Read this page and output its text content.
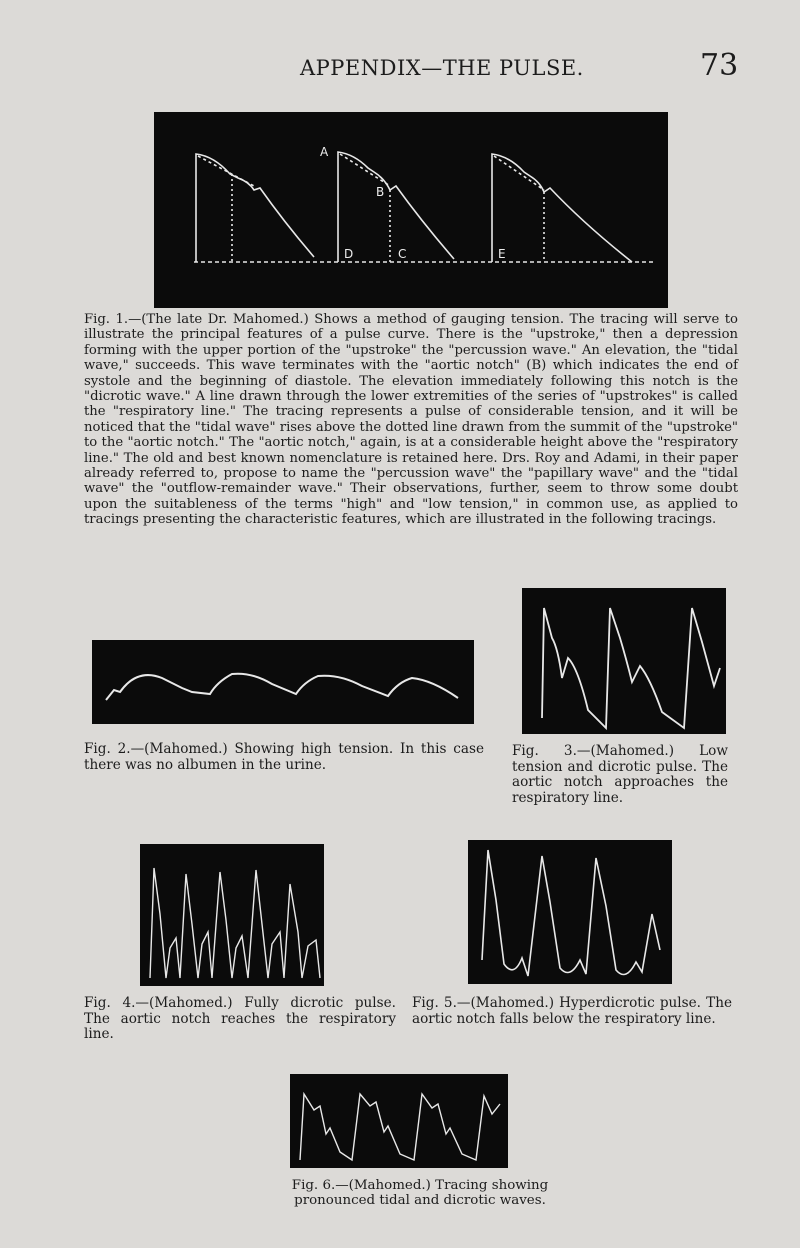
APPENDIX—THE PULSE.	73
A
B
D	C	E
Fig. 1.—(The late Dr. Mahomed.) Shows a method of gauging tension. The tracing will serve to illustrate the principal features of a pulse curve. There is the "upstroke," then a depression forming with the upper portion of the "upstroke" the "percussion wave." An elevation, the "tidal wave," succeeds. This wave terminates with the "aortic notch" (B) which indicates the end of systole and the beginning of diastole. The elevation immediately following this notch is the "dicrotic wave." A line drawn through the lower extremities of the series of "upstrokes" is called the "respiratory line." The tracing represents a pulse of considerable tension, and it will be noticed that the "tidal wave" rises above the dotted line drawn from the summit of the "upstroke" to the "aortic notch." The "aortic notch," again, is at a considerable height above the "respiratory line." The old and best known nomenclature is retained here. Drs. Roy and Adami, in their paper already referred to, propose to name the "percussion wave" the "papillary wave" and the "tidal wave" the "outflow-remainder wave." Their observations, further, seem to throw some doubt upon the suitableness of the terms "high" and "low tension," in common use, as applied to tracings presenting the characteristic features, which are illustrated in the following tracings.
Fig. 2.—(Mahomed.) Showing high tension. In this case there was no albumen in the urine.
Fig. 3.—(Mahomed.) Low tension and dicrotic pulse. The aortic notch approaches the respiratory line.
Fig. 4.—(Mahomed.) Fully dicrotic pulse. The aortic notch reaches the respiratory line.
Fig. 5.—(Mahomed.) Hyperdicrotic pulse. The aortic notch falls below the respiratory line.
Fig. 6.—(Mahomed.) Tracing showing pronounced tidal and dicrotic waves.
